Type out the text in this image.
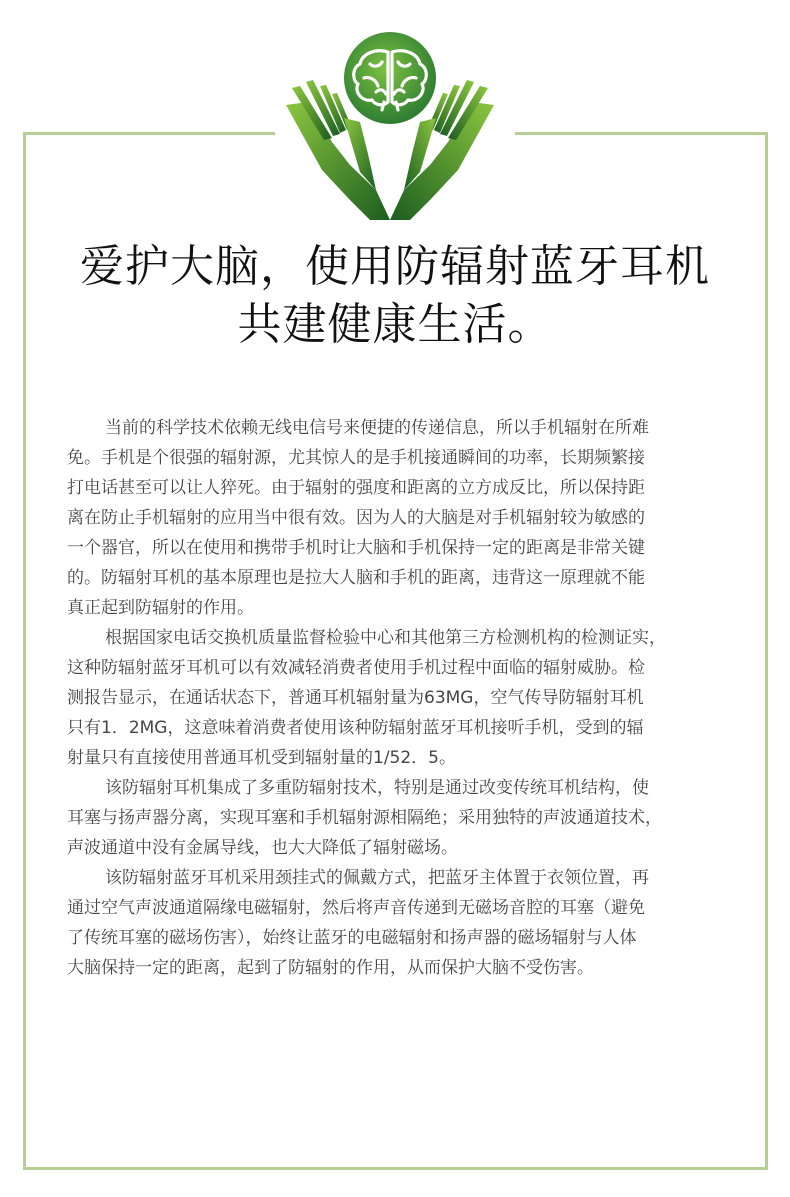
爱护大脑，使用防辐射蓝牙耳机
共建健康生活。

当前的科学技术依赖无线电信号来便捷的传递信息，所以手机辐射在所难
免。手机是个很强的辐射源，尤其惊人的是手机接通瞬间的功率，长期频繁接
打电话甚至可以让人猝死。由于辐射的强度和距离的立方成反比，所以保持距
离在防止手机辐射的应用当中很有效。因为人的大脑是对手机辐射较为敏感的
一个器官，所以在使用和携带手机时让大脑和手机保持一定的距离是非常关键
的。防辐射耳机的基本原理也是拉大人脑和手机的距离，违背这一原理就不能
真正起到防辐射的作用。

根据国家电话交换机质量监督检验中心和其他第三方检测机构的检测证实，
这种防辐射蓝牙耳机可以有效减轻消费者使用手机过程中面临的辐射威胁。检
测报告显示，在通话状态下，普通耳机辐射量为63MG，空气传导防辐射耳机
只有1．2MG，这意味着消费者使用该种防辐射蓝牙耳机接听手机，受到的辐
射量只有直接使用普通耳机受到辐射量的1/52．5。

该防辐射耳机集成了多重防辐射技术，特别是通过改变传统耳机结构，使
耳塞与扬声器分离，实现耳塞和手机辐射源相隔绝；采用独特的声波通道技术，
声波通道中没有金属导线，也大大降低了辐射磁场。

该防辐射蓝牙耳机采用颈挂式的佩戴方式，把蓝牙主体置于衣领位置，再
通过空气声波通道隔缘电磁辐射，然后将声音传递到无磁场音腔的耳塞（避免
了传统耳塞的磁场伤害），始终让蓝牙的电磁辐射和扬声器的磁场辐射与人体
大脑保持一定的距离，起到了防辐射的作用，从而保护大脑不受伤害。
